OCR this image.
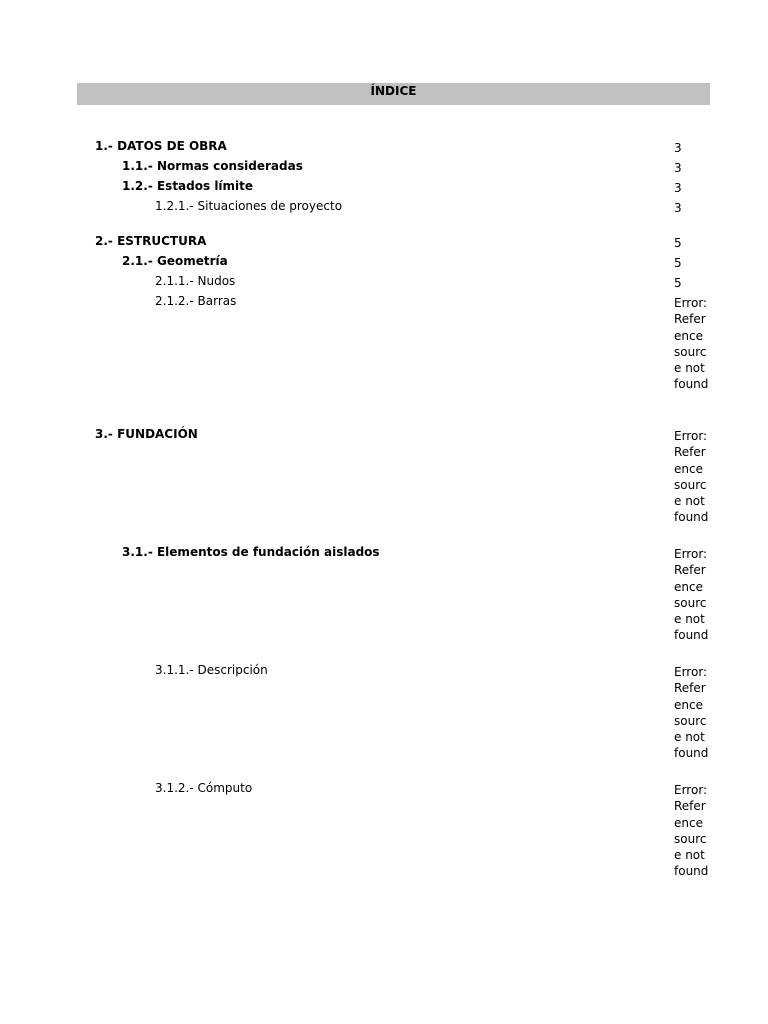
ÍNDICE
1.- DATOS DE OBRA	3
1.1.- Normas consideradas	3
1.2.- Estados límite	3
1.2.1.- Situaciones de proyecto	3
2.- ESTRUCTURA	5
2.1.- Geometría	5
2.1.1.- Nudos	5
2.1.2.- Barras	Error: Reference source not found
3.- FUNDACIÓN	Error: Reference source not found
3.1.- Elementos de fundación aislados	Error: Reference source not found
3.1.1.- Descripción	Error: Reference source not found
3.1.2.- Cómputo	Error: Reference source not found
